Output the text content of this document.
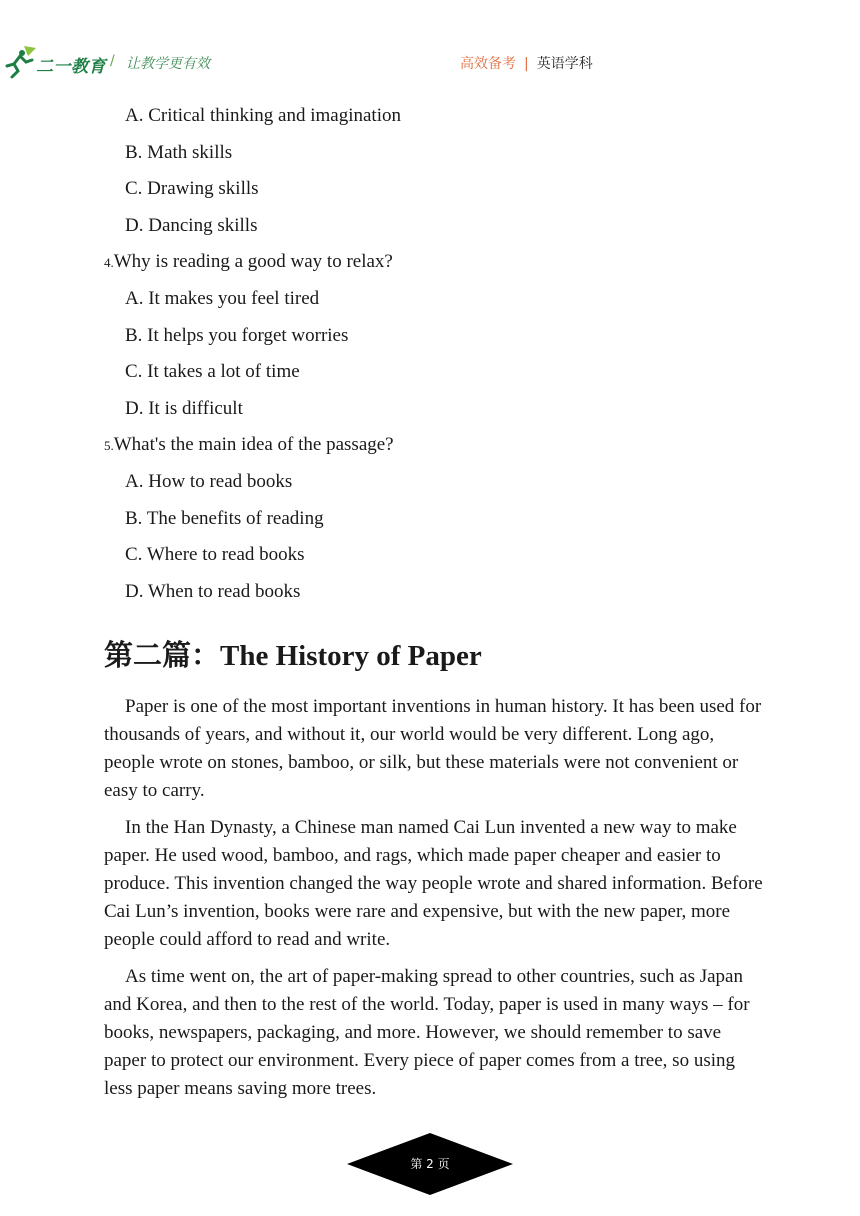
二一教育 / 让教学更有效	高效备考 | 英语学科
A. Critical thinking and imagination
B. Math skills
C. Drawing skills
D. Dancing skills
4.Why is reading a good way to relax?
A. It makes you feel tired
B. It helps you forget worries
C. It takes a lot of time
D. It is difficult
5.What's the main idea of the passage?
A. How to read books
B. The benefits of reading
C. Where to read books
D. When to read books
第二篇：The History of Paper

Paper is one of the most important inventions in human history. It has been used for thousands of years, and without it, our world would be very different. Long ago, people wrote on stones, bamboo, or silk, but these materials were not convenient or easy to carry.

In the Han Dynasty, a Chinese man named Cai Lun invented a new way to make paper. He used wood, bamboo, and rags, which made paper cheaper and easier to produce. This invention changed the way people wrote and shared information. Before Cai Lun’s invention, books were rare and expensive, but with the new paper, more people could afford to read and write.

As time went on, the art of paper-making spread to other countries, such as Japan and Korea, and then to the rest of the world. Today, paper is used in many ways – for books, newspapers, packaging, and more. However, we should remember to save paper to protect our environment. Every piece of paper comes from a tree, so using less paper means saving more trees.

第 2 页
